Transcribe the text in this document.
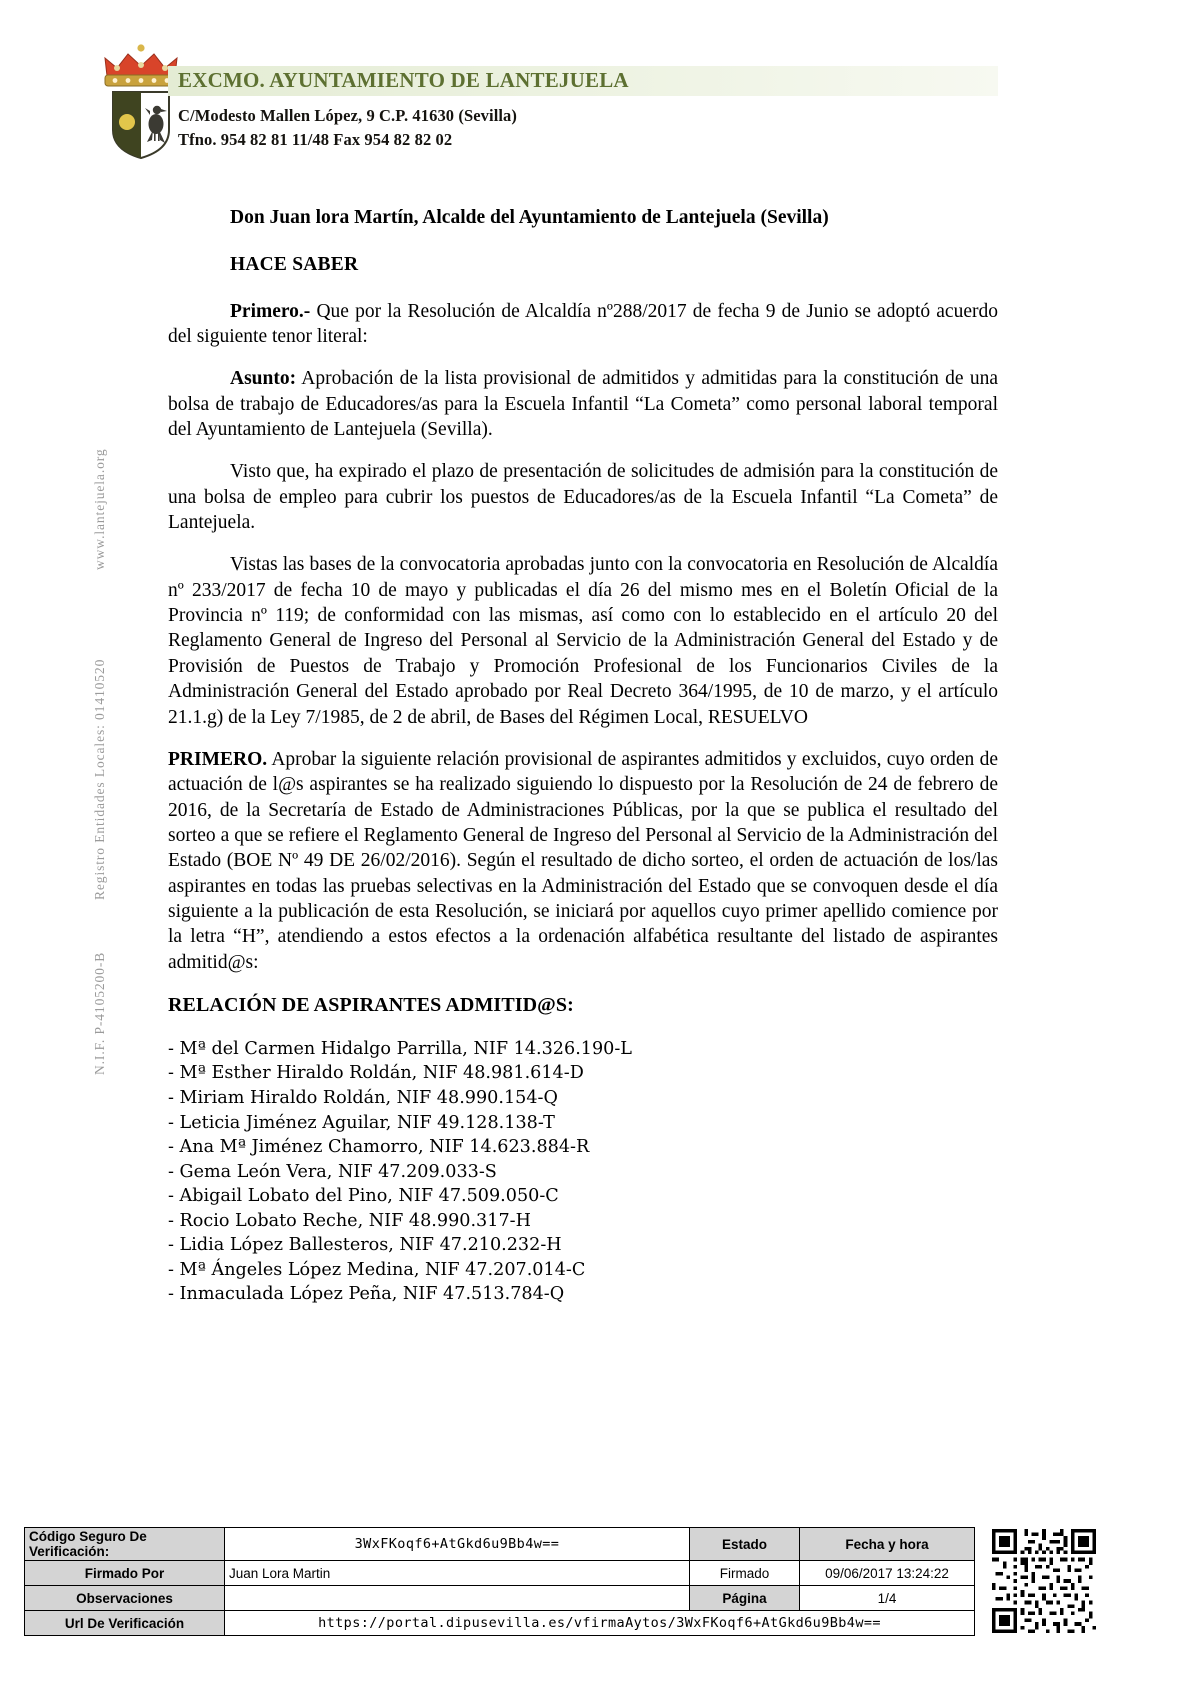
EXCMO. AYUNTAMIENTO DE LANTEJUELA
C/Modesto Mallen López, 9 C.P. 41630 (Sevilla)
Tfno. 954 82 81 11/48 Fax 954 82 82 02
www.lantejuela.org
Registro Entidades Locales: 01410520
N.I.F. P-4105200-B

Don Juan lora Martín, Alcalde del Ayuntamiento de Lantejuela (Sevilla)

HACE SABER

Primero.- Que por la Resolución de Alcaldía nº288/2017 de fecha 9 de Junio se adoptó acuerdo del siguiente tenor literal:

Asunto: Aprobación de la lista provisional de admitidos y admitidas para la constitución de una bolsa de trabajo de Educadores/as para la Escuela Infantil “La Cometa” como personal laboral temporal del Ayuntamiento de Lantejuela (Sevilla).

Visto que, ha expirado el plazo de presentación de solicitudes de admisión para la constitución de una bolsa de empleo para cubrir los puestos de Educadores/as de la Escuela Infantil “La Cometa” de Lantejuela.

Vistas las bases de la convocatoria aprobadas junto con la convocatoria en Resolución de Alcaldía nº 233/2017 de fecha 10 de mayo y publicadas el día 26 del mismo mes en el Boletín Oficial de la Provincia nº 119; de conformidad con las mismas, así como con lo establecido en el artículo 20 del Reglamento General de Ingreso del Personal al Servicio de la Administración General del Estado y de Provisión de Puestos de Trabajo y Promoción Profesional de los Funcionarios Civiles de la Administración General del Estado aprobado por Real Decreto 364/1995, de 10 de marzo, y el artículo 21.1.g) de la Ley 7/1985, de 2 de abril, de Bases del Régimen Local, RESUELVO

PRIMERO. Aprobar la siguiente relación provisional de aspirantes admitidos y excluidos, cuyo orden de actuación de l@s aspirantes se ha realizado siguiendo lo dispuesto por la Resolución de 24 de febrero de 2016, de la Secretaría de Estado de Administraciones Públicas, por la que se publica el resultado del sorteo a que se refiere el Reglamento General de Ingreso del Personal al Servicio de la Administración del Estado (BOE Nº 49 DE 26/02/2016). Según el resultado de dicho sorteo, el orden de actuación de los/las aspirantes en todas las pruebas selectivas en la Administración del Estado que se convoquen desde el día siguiente a la publicación de esta Resolución, se iniciará por aquellos cuyo primer apellido comience por la letra “H”, atendiendo a estos efectos a la ordenación alfabética resultante del listado de aspirantes admitid@s:

RELACIÓN DE ASPIRANTES ADMITID@S:
- Mª del Carmen Hidalgo Parrilla, NIF 14.326.190-L
- Mª Esther Hiraldo Roldán, NIF 48.981.614-D
- Miriam Hiraldo Roldán, NIF 48.990.154-Q
- Leticia Jiménez Aguilar, NIF 49.128.138-T
- Ana Mª Jiménez Chamorro, NIF 14.623.884-R
- Gema León Vera, NIF 47.209.033-S
- Abigail Lobato del Pino, NIF 47.509.050-C
- Rocio Lobato Reche, NIF 48.990.317-H
- Lidia López Ballesteros, NIF 47.210.232-H
- Mª Ángeles López Medina, NIF 47.207.014-C
- Inmaculada López Peña, NIF 47.513.784-Q
Código Seguro De Verificación:	3WxFKoqf6+AtGkd6u9Bb4w==	Estado	Fecha y hora
Firmado Por	Juan Lora Martin	Firmado	09/06/2017 13:24:22
Observaciones		Página	1/4
Url De Verificación	https://portal.dipusevilla.es/vfirmaAytos/3WxFKoqf6+AtGkd6u9Bb4w==		
